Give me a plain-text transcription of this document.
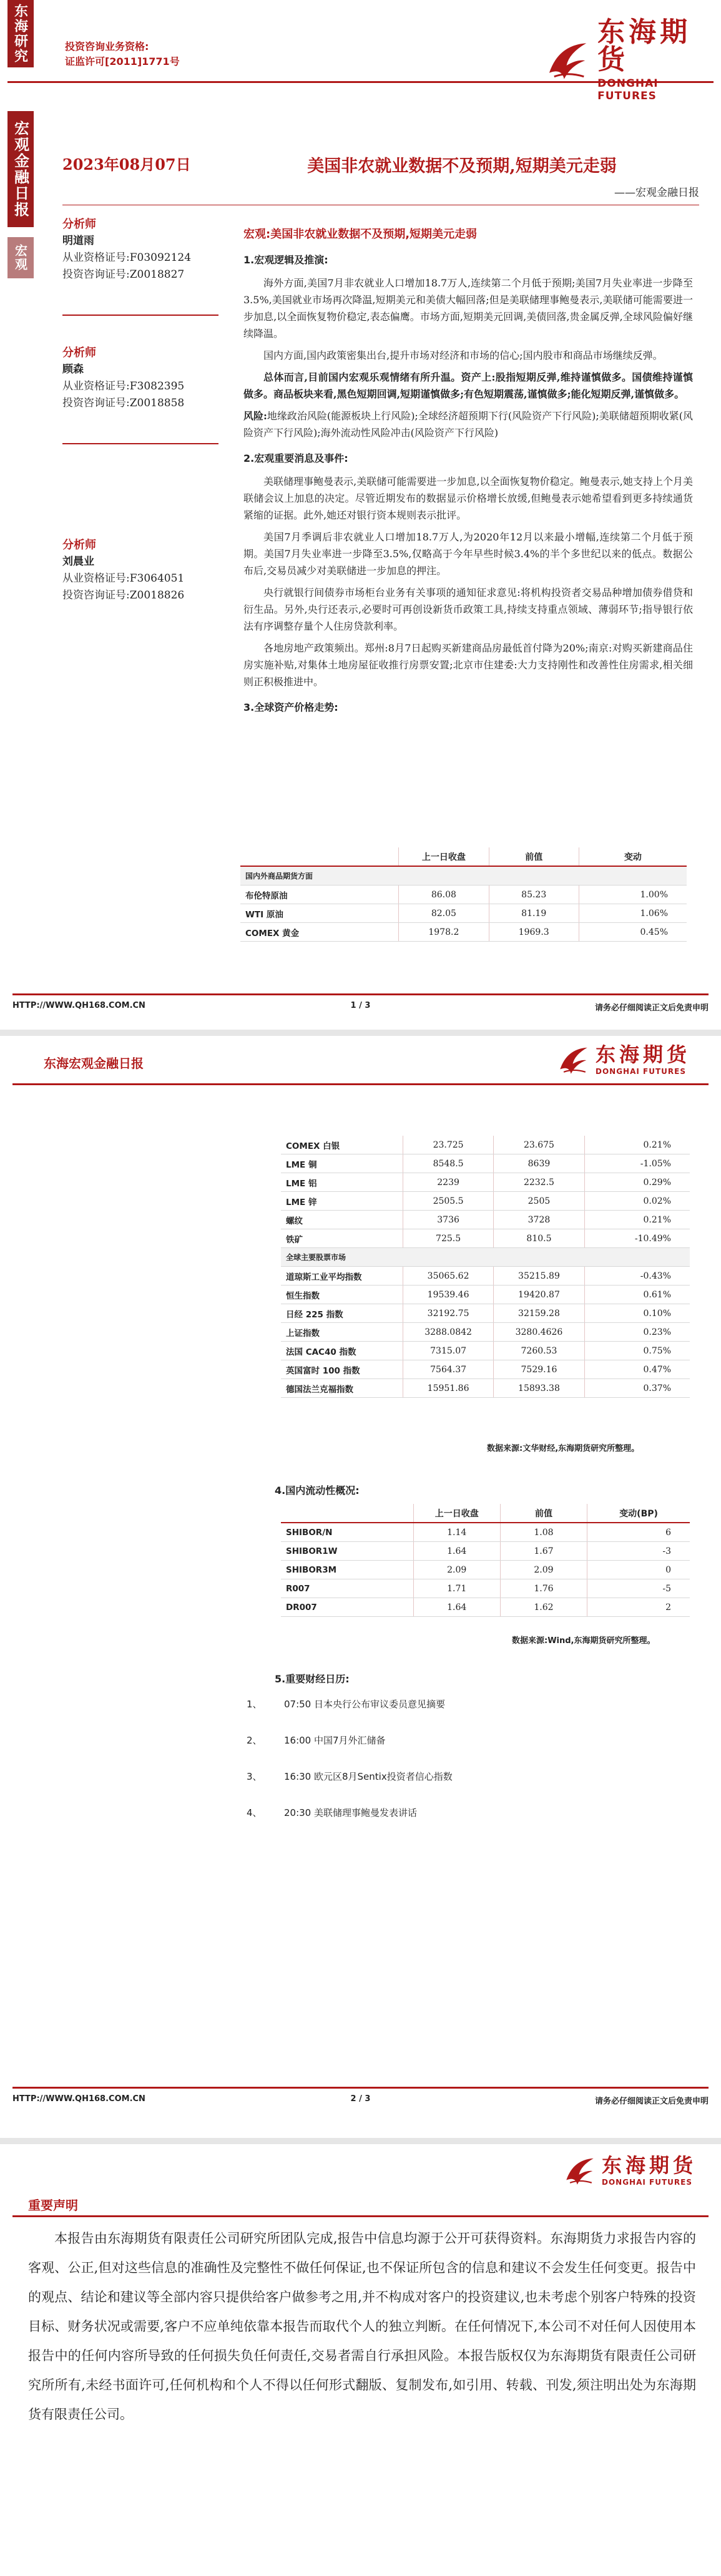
东海研究	投资咨询业务资格:
证监许可[2011]1771号
东海期货
DONGHAI FUTURES
宏观金融日报 2023年08月07日	美国非农就业数据不及预期,短期美元走弱
——宏观金融日报
宏观
分析师
明道雨
从业资格证号:F03092124
投资咨询证号:Z0018827
分析师
顾森
从业资格证号:F3082395
投资咨询证号:Z0018858
分析师
刘晨业
从业资格证号:F3064051
投资咨询证号:Z0018826
宏观:美国非农就业数据不及预期,短期美元走弱
1.宏观逻辑及推演:

海外方面,美国7月非农就业人口增加18.7万人,连续第二个月低于预期;美国7月失业率进一步降至3.5%,美国就业市场再次降温,短期美元和美债大幅回落;但是美联储理事鲍曼表示,美联储可能需要进一步加息,以全面恢复物价稳定,表态偏鹰。市场方面,短期美元回调,美债回落,贵金属反弹,全球风险偏好继续降温。

国内方面,国内政策密集出台,提升市场对经济和市场的信心;国内股市和商品市场继续反弹。

总体而言,目前国内宏观乐观情绪有所升温。资产上:股指短期反弹,维持谨慎做多。国债维持谨慎做多。商品板块来看,黑色短期回调,短期谨慎做多;有色短期震荡,谨慎做多;能化短期反弹,谨慎做多。

风险:地缘政治风险(能源板块上行风险);全球经济超预期下行(风险资产下行风险);美联储超预期收紧(风险资产下行风险);海外流动性风险冲击(风险资产下行风险)

2.宏观重要消息及事件:

美联储理事鲍曼表示,美联储可能需要进一步加息,以全面恢复物价稳定。鲍曼表示,她支持上个月美联储会议上加息的决定。尽管近期发布的数据显示价格增长放缓,但鲍曼表示她希望看到更多持续通货紧缩的证据。此外,她还对银行资本规则表示批评。

美国7月季调后非农就业人口增加18.7万人,为2020年12月以来最小增幅,连续第二个月低于预期。美国7月失业率进一步降至3.5%,仅略高于今年早些时候3.4%的半个多世纪以来的低点。数据公布后,交易员减少对美联储进一步加息的押注。

央行就银行间债券市场柜台业务有关事项的通知征求意见:将机构投资者交易品种增加债券借贷和衍生品。另外,央行还表示,必要时可再创设新货币政策工具,持续支持重点领域、薄弱环节;指导银行依法有序调整存量个人住房贷款利率。

各地房地产政策频出。郑州:8月7日起购买新建商品房最低首付降为20%;南京:对购买新建商品住房实施补贴,对集体土地房屋征收推行房票安置;北京市住建委:大力支持刚性和改善性住房需求,相关细则正积极推进中。

3.全球资产价格走势:
	上一日收盘	前值	变动
国内外商品期货方面			
布伦特原油	86.08	85.23	1.00%
WTI 原油	82.05	81.19	1.06%
COMEX 黄金	1978.2	1969.3	0.45%
HTTP://WWW.QH168.COM.CN	1 / 3	请务必仔细阅读正文后免责申明
东海宏观金融日报	东海期货
DONGHAI FUTURES
COMEX 白银	23.725	23.675	0.21%
LME 铜	8548.5	8639	-1.05%
LME 铝	2239	2232.5	0.29%
LME 锌	2505.5	2505	0.02%
螺纹	3736	3728	0.21%
铁矿	725.5	810.5	-10.49%
全球主要股票市场			
道琼斯工业平均指数	35065.62	35215.89	-0.43%
恒生指数	19539.46	19420.87	0.61%
日经 225 指数	32192.75	32159.28	0.10%
上证指数	3288.0842	3280.4626	0.23%
法国 CAC40 指数	7315.07	7260.53	0.75%
英国富时 100 指数	7564.37	7529.16	0.47%
德国法兰克福指数	15951.86	15893.38	0.37%
数据来源:文华财经,东海期货研究所整理。
4.国内流动性概况:
	上一日收盘	前值	变动(BP)
SHIBOR/N	1.14	1.08	6
SHIBOR1W	1.64	1.67	-3
SHIBOR3M	2.09	2.09	0
R007	1.71	1.76	-5
DR007	1.64	1.62	2
数据来源:Wind,东海期货研究所整理。
5.重要财经日历:
1、 07:50 日本央行公布审议委员意见摘要
2、 16:00 中国7月外汇储备
3、 16:30 欧元区8月Sentix投资者信心指数
4、 20:30 美联储理事鲍曼发表讲话
HTTP://WWW.QH168.COM.CN	2 / 3	请务必仔细阅读正文后免责申明
东海期货
DONGHAI FUTURES
重要声明

本报告由东海期货有限责任公司研究所团队完成,报告中信息均源于公开可获得资料。东海期货力求报告内容的客观、公正,但对这些信息的准确性及完整性不做任何保证,也不保证所包含的信息和建议不会发生任何变更。报告中的观点、结论和建议等全部内容只提供给客户做参考之用,并不构成对客户的投资建议,也未考虑个别客户特殊的投资目标、财务状况或需要,客户不应单纯依靠本报告而取代个人的独立判断。在任何情况下,本公司不对任何人因使用本报告中的任何内容所导致的任何损失负任何责任,交易者需自行承担风险。本报告版权仅为东海期货有限责任公司研究所所有,未经书面许可,任何机构和个人不得以任何形式翻版、复制发布,如引用、转载、刊发,须注明出处为东海期货有限责任公司。
